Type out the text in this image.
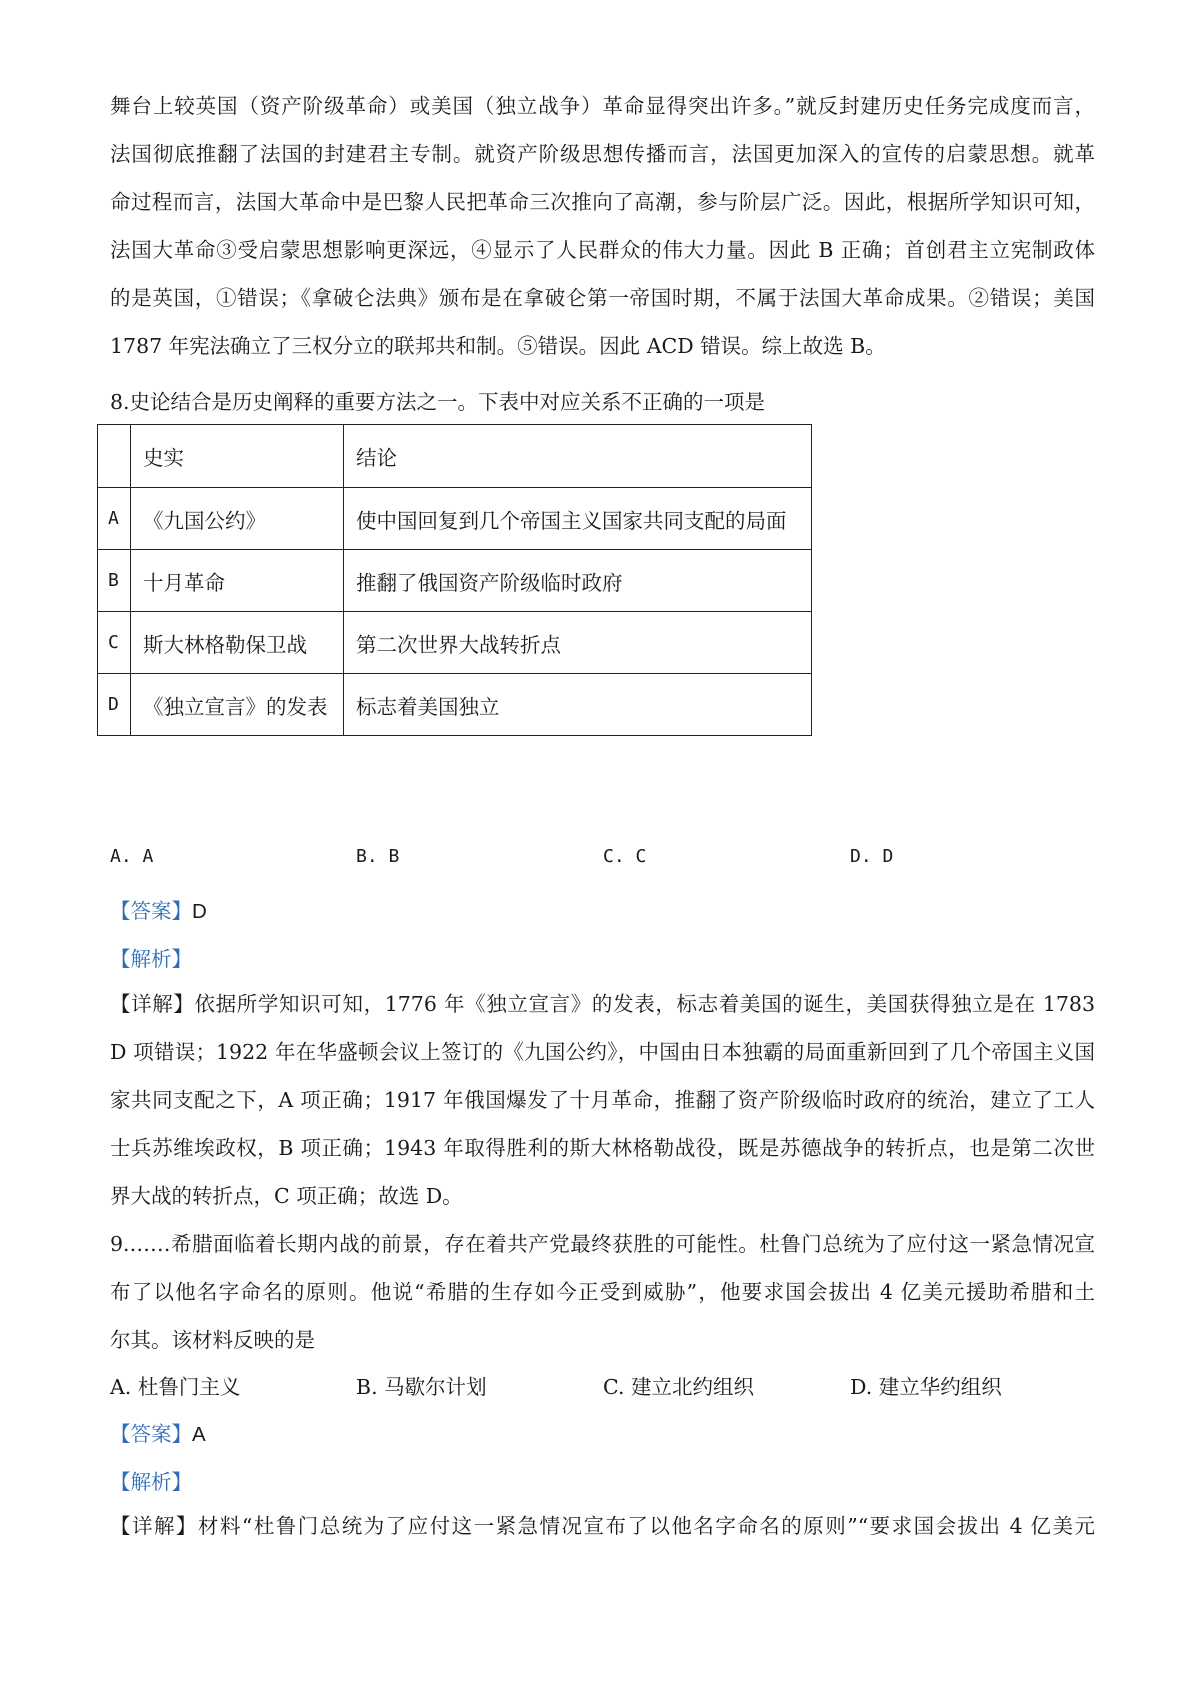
舞台上较英国（资产阶级革命）或美国（独立战争）革命显得突出许多。”就反封建历史任务完成度而言，
法国彻底推翻了法国的封建君主专制。就资产阶级思想传播而言，法国更加深入的宣传的启蒙思想。就革
命过程而言，法国大革命中是巴黎人民把革命三次推向了高潮，参与阶层广泛。因此，根据所学知识可知，
法国大革命③受启蒙思想影响更深远，④显示了人民群众的伟大力量。因此 B 正确；首创君主立宪制政体
的是英国，①错误；《拿破仑法典》颁布是在拿破仑第一帝国时期，不属于法国大革命成果。②错误；美国
1787 年宪法确立了三权分立的联邦共和制。⑤错误。因此 ACD 错误。综上故选 B。
8.史论结合是历史阐释的重要方法之一。下表中对应关系不正确的一项是
	史实	结论
A	《九国公约》	使中国回复到几个帝国主义国家共同支配的局面
B	十月革命	推翻了俄国资产阶级临时政府
C	斯大林格勒保卫战	第二次世界大战转折点
D	《独立宣言》的发表	标志着美国独立
A. A	B. B	C. C	D. D
【答案】D
【解析】
【详解】依据所学知识可知，1776 年《独立宣言》的发表，标志着美国的诞生，美国获得独立是在 1783
D 项错误；1922 年在华盛顿会议上签订的《九国公约》，中国由日本独霸的局面重新回到了几个帝国主义国
家共同支配之下，A 项正确；1917 年俄国爆发了十月革命，推翻了资产阶级临时政府的统治，建立了工人
士兵苏维埃政权，B 项正确；1943 年取得胜利的斯大林格勒战役，既是苏德战争的转折点，也是第二次世
界大战的转折点，C 项正确；故选 D。
9.……希腊面临着长期内战的前景，存在着共产党最终获胜的可能性。杜鲁门总统为了应付这一紧急情况宣
布了以他名字命名的原则。他说“希腊的生存如今正受到威胁”，他要求国会拔出 4 亿美元援助希腊和土
尔其。该材料反映的是
A. 杜鲁门主义	B. 马歇尔计划	C. 建立北约组织	D. 建立华约组织
【答案】A
【解析】
【详解】材料“杜鲁门总统为了应付这一紧急情况宣布了以他名字命名的原则”“要求国会拔出 4 亿美元
